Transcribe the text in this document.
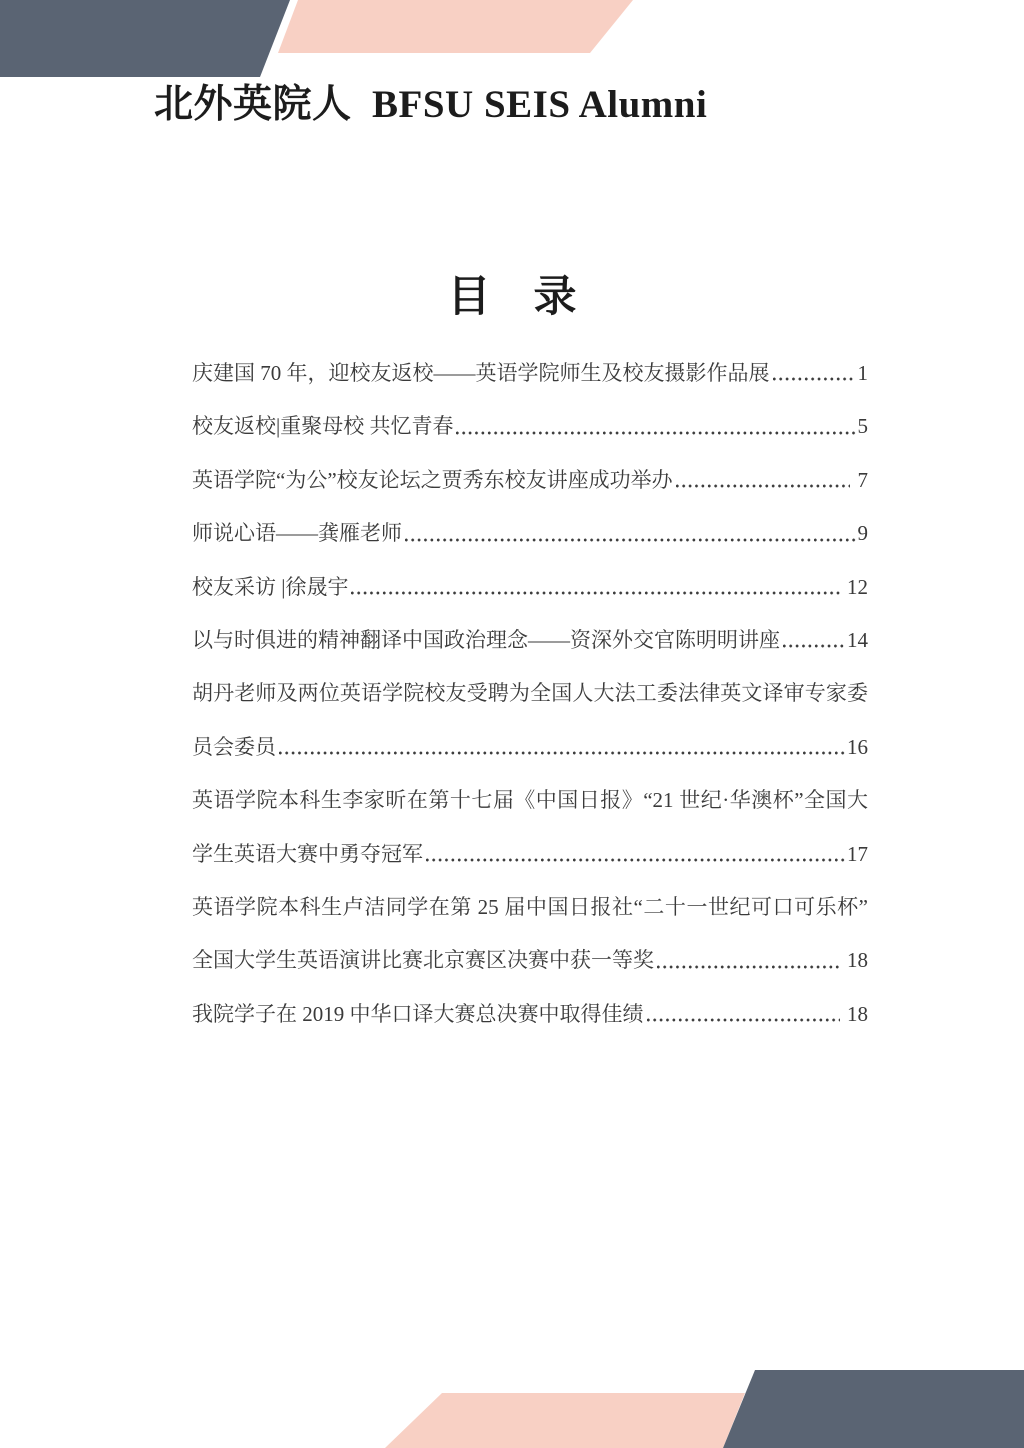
北外英院人  BFSU SEIS Alumni
目　录
庆建国 70 年，迎校友返校——英语学院师生及校友摄影作品展	1
校友返校|重聚母校 共忆青春	5
英语学院“为公”校友论坛之贾秀东校友讲座成功举办	7
师说心语——龚雁老师	9
校友采访 |徐晟宇	12
以与时俱进的精神翻译中国政治理念——资深外交官陈明明讲座	14
胡丹老师及两位英语学院校友受聘为全国人大法工委法律英文译审专家委
员会委员	16
英语学院本科生李家昕在第十七届《中国日报》“21 世纪·华澳杯”全国大
学生英语大赛中勇夺冠军	17
英语学院本科生卢洁同学在第 25 届中国日报社“二十一世纪可口可乐杯”
全国大学生英语演讲比赛北京赛区决赛中获一等奖	18
我院学子在 2019 中华口译大赛总决赛中取得佳绩	18
